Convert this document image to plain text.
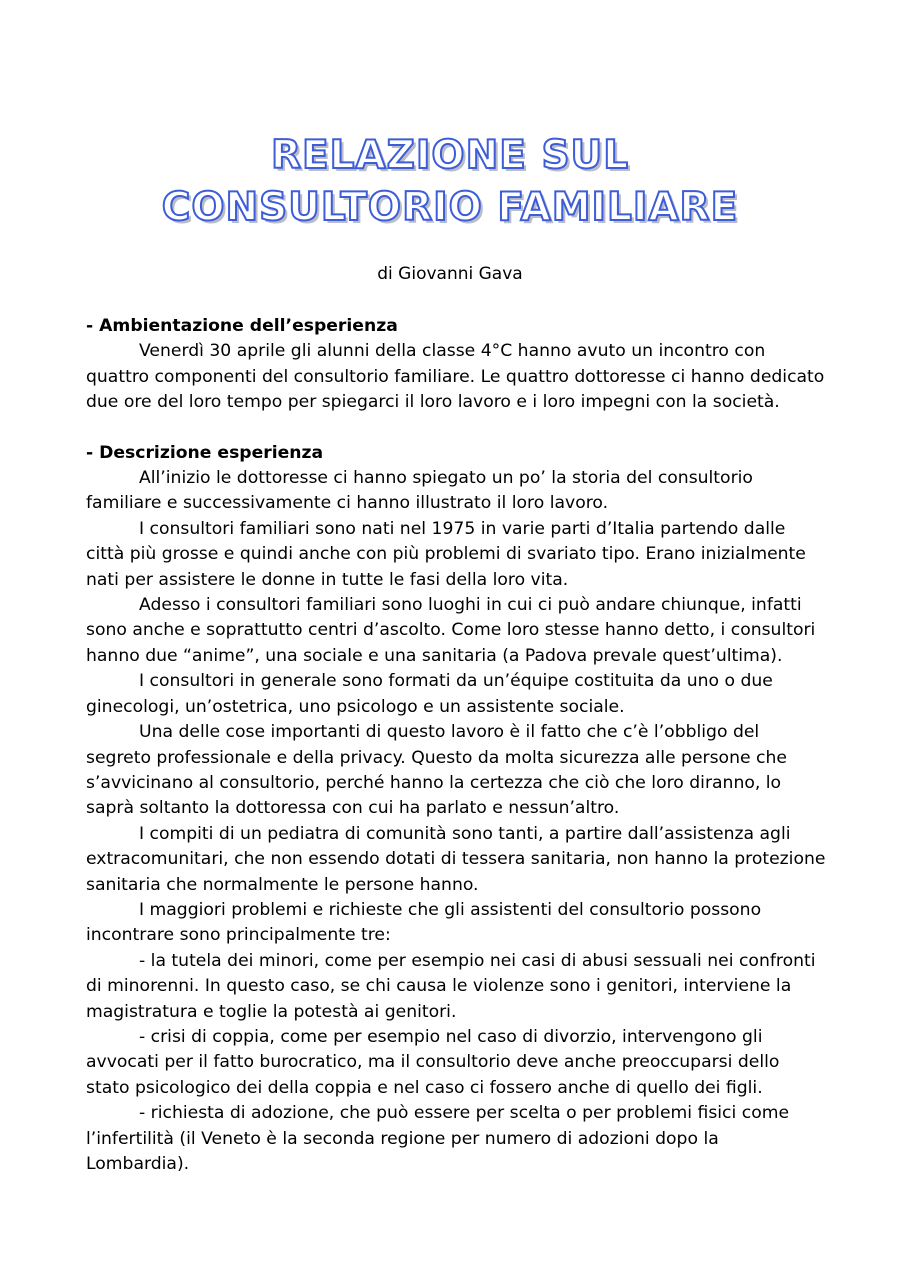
RELAZIONE SUL
CONSULTORIO FAMILIARE
di Giovanni Gava

- Ambientazione dell’esperienza

Venerdì 30 aprile gli alunni della classe 4°C hanno avuto un incontro con quattro componenti del consultorio familiare. Le quattro dottoresse ci hanno dedicato due ore del loro tempo per spiegarci il loro lavoro e i loro impegni con la società.

- Descrizione esperienza

All’inizio le dottoresse ci hanno spiegato un po’ la storia del consultorio familiare e successivamente ci hanno illustrato il loro lavoro.

I consultori familiari sono nati nel 1975 in varie parti d’Italia partendo dalle città più grosse e quindi anche con più problemi di svariato tipo. Erano inizialmente nati per assistere le donne in tutte le fasi della loro vita.

Adesso i consultori familiari sono luoghi in cui ci può andare chiunque, infatti sono anche e soprattutto centri d’ascolto. Come loro stesse hanno detto, i consultori hanno due “anime”, una sociale e una sanitaria (a Padova prevale quest’ultima).

I consultori in generale sono formati da un’équipe costituita da uno o due ginecologi, un’ostetrica, uno psicologo e un assistente sociale.

Una delle cose importanti di questo lavoro è il fatto che c’è l’obbligo del segreto professionale e della privacy. Questo da molta sicurezza alle persone che s’avvicinano al consultorio, perché hanno la certezza che ciò che loro diranno, lo saprà soltanto la dottoressa con cui ha parlato e nessun’altro.

I compiti di un pediatra di comunità sono tanti, a partire dall’assistenza agli extracomunitari, che non essendo dotati di tessera sanitaria, non hanno la protezione sanitaria che normalmente le persone hanno.

I maggiori problemi e richieste che gli assistenti del consultorio possono incontrare sono principalmente tre:

- la tutela dei minori, come per esempio nei casi di abusi sessuali nei confronti di minorenni. In questo caso, se chi causa le violenze sono i genitori, interviene la magistratura e toglie la potestà ai genitori.

- crisi di coppia, come per esempio nel caso di divorzio, intervengono gli avvocati per il fatto burocratico, ma il consultorio deve anche preoccuparsi dello stato psicologico dei della coppia e nel caso ci fossero anche di quello dei figli.

- richiesta di adozione, che può essere per scelta o per problemi fisici come l’infertilità (il Veneto è la seconda regione per numero di adozioni dopo la Lombardia).
